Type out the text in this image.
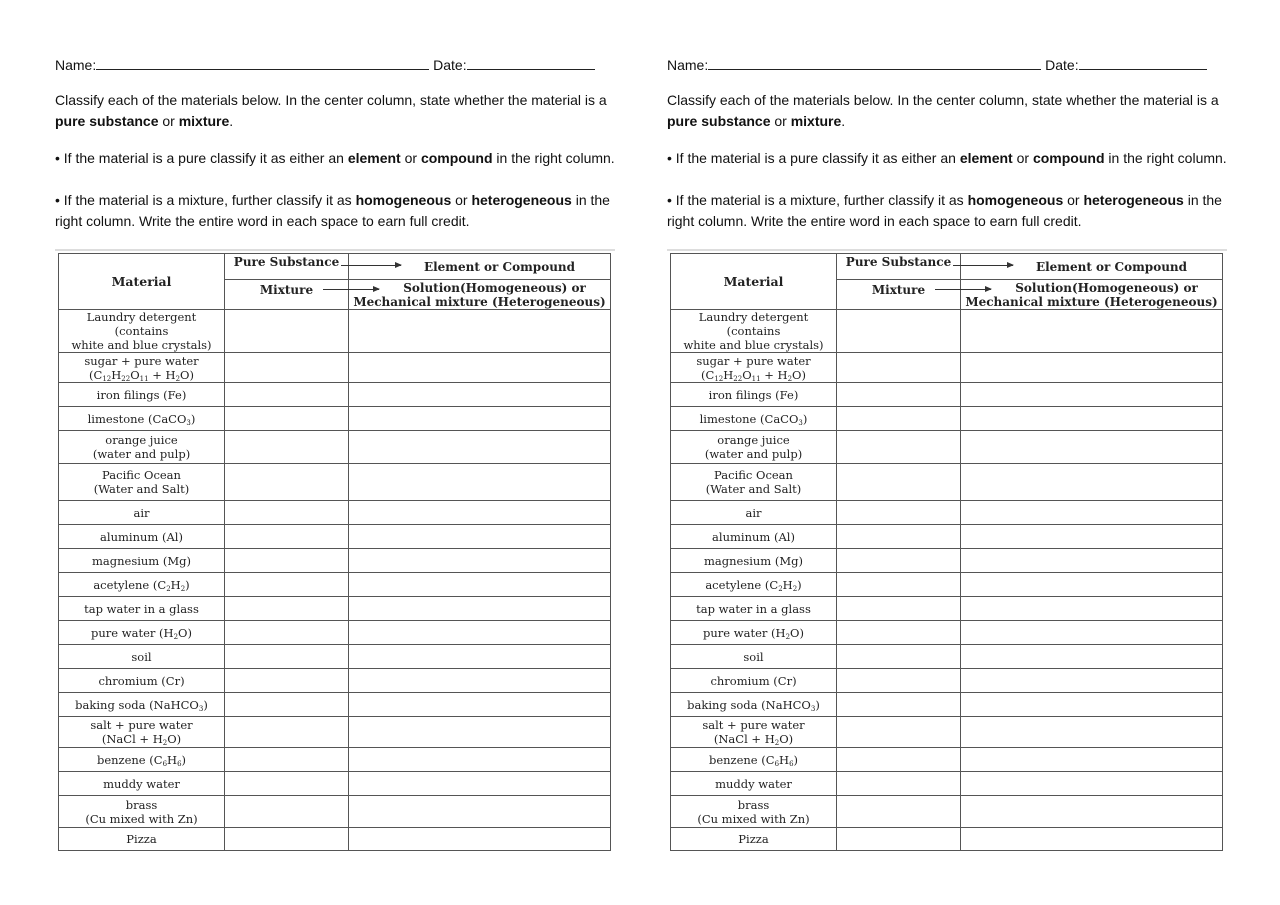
Name:	Date:
Classify each of the materials below. In the center column, state whether the material is a pure substance or mixture.
• If the material is a pure classify it as either an element or compound in the right column.
• If the material is a mixture, further classify it as homogeneous or heterogeneous in the right column. Write the entire word in each space to earn full credit.
Material	Pure Substance	Element or Compound
	Mixture	Solution(Homogeneous) or
Mechanical mixture (Heterogeneous)

Laundry detergent (contains
white and blue crystals)		

sugar + pure water
$(C_{12}H_{22}O_{11} + H_2O)$		

iron filings (Fe)		

limestone (CaCO$_3$)		

orange juice
(water and pulp)		

Pacific Ocean
(Water and Salt)		

air		

aluminum (Al)		

magnesium (Mg)		

acetylene $(C_2H_2)$		

tap water in a glass		

pure water $(H_2O)$		

soil		

chromium (Cr)		

baking soda (NaHCO$_3$)		

salt + pure water
(NaCl + $H_2O$)		

benzene $(C_6H_6)$		

muddy water		

brass
(Cu mixed with Zn)		

Pizza		

Name:	Date:
Classify each of the materials below. In the center column, state whether the material is a pure substance or mixture.
• If the material is a pure classify it as either an element or compound in the right column.
• If the material is a mixture, further classify it as homogeneous or heterogeneous in the right column. Write the entire word in each space to earn full credit.
Material	Pure Substance	Element or Compound
	Mixture	Solution(Homogeneous) or
Mechanical mixture (Heterogeneous)

Laundry detergent (contains
white and blue crystals)		

sugar + pure water
$(C_{12}H_{22}O_{11} + H_2O)$		

iron filings (Fe)		

limestone (CaCO$_3$)		

orange juice
(water and pulp)		

Pacific Ocean
(Water and Salt)		

air		

aluminum (Al)		

magnesium (Mg)		

acetylene $(C_2H_2)$		

tap water in a glass		

pure water $(H_2O)$		

soil		

chromium (Cr)		

baking soda (NaHCO$_3$)		

salt + pure water
(NaCl + $H_2O$)		

benzene $(C_6H_6)$		

muddy water		

brass
(Cu mixed with Zn)		

Pizza		
